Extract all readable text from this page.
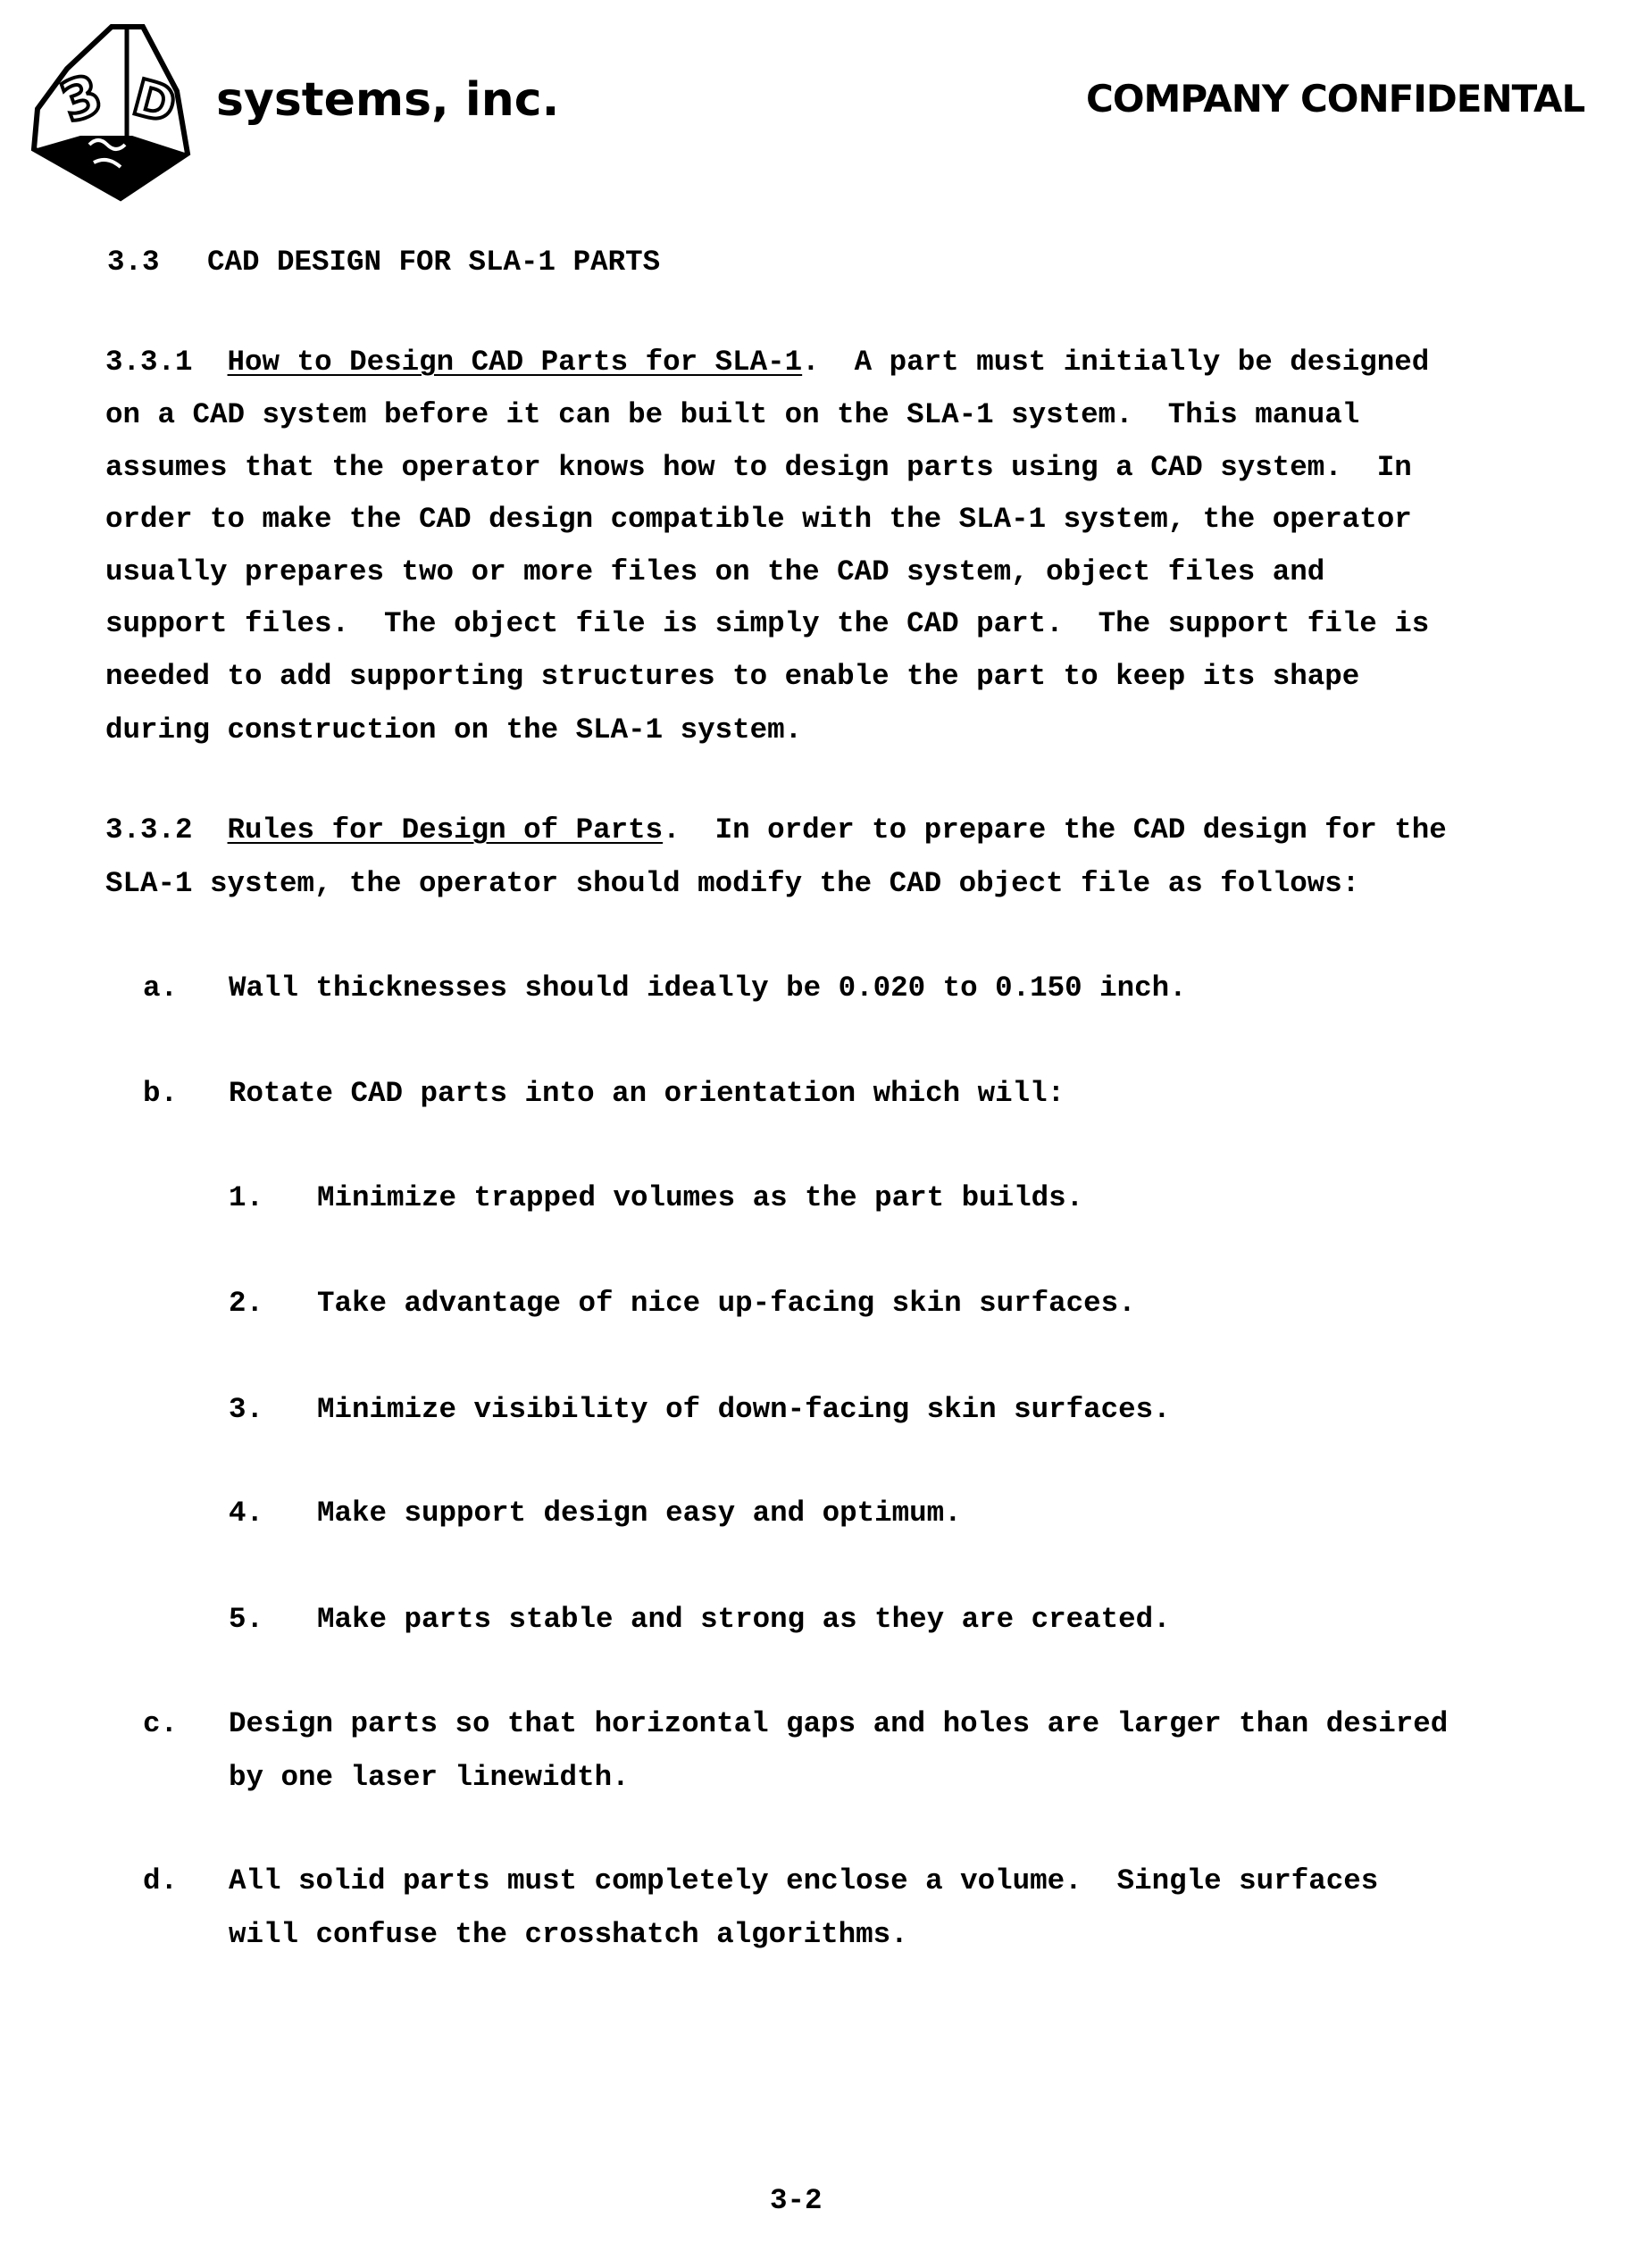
3 D systems, inc.	COMPANY CONFIDENTAL
3.3 CAD DESIGN FOR SLA-1 PARTS
3.3.1 How to Design CAD Parts for SLA-1.  A part must initially be designed
on a CAD system before it can be built on the SLA-1 system.  This manual
assumes that the operator knows how to design parts using a CAD system.  In
order to make the CAD design compatible with the SLA-1 system, the operator
usually prepares two or more files on the CAD system, object files and
support files.  The object file is simply the CAD part.  The support file is
needed to add supporting structures to enable the part to keep its shape
during construction on the SLA-1 system.
3.3.2 Rules for Design of Parts.  In order to prepare the CAD design for the
SLA-1 system, the operator should modify the CAD object file as follows:
a. Wall thicknesses should ideally be 0.020 to 0.150 inch.
b. Rotate CAD parts into an orientation which will:
1. Minimize trapped volumes as the part builds.
2. Take advantage of nice up-facing skin surfaces.
3. Minimize visibility of down-facing skin surfaces.
4. Make support design easy and optimum.
5. Make parts stable and strong as they are created.
c. Design parts so that horizontal gaps and holes are larger than desired
by one laser linewidth.
d. All solid parts must completely enclose a volume.  Single surfaces
will confuse the crosshatch algorithms.
3-2
